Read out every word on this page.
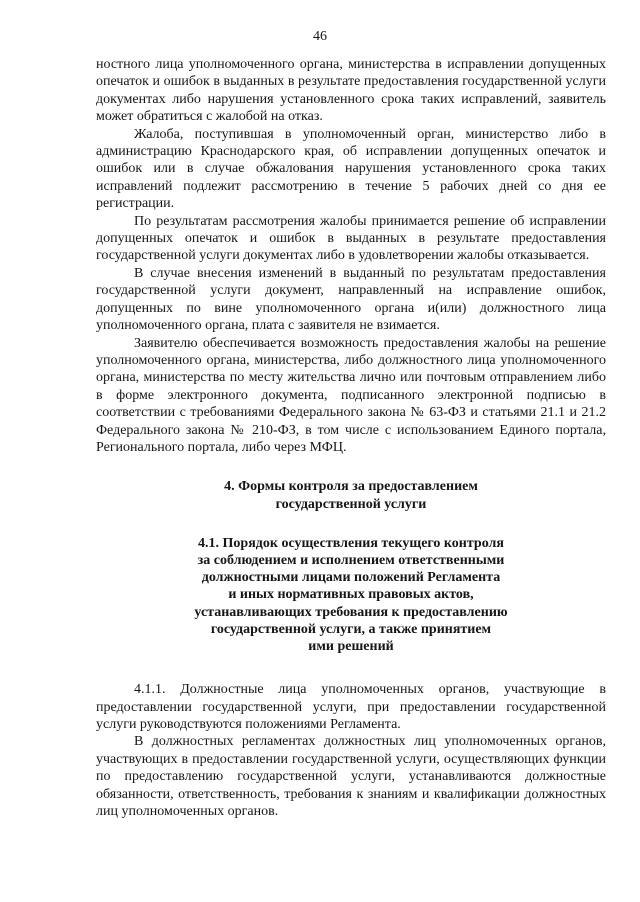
46

ностного лица уполномоченного органа, министерства в исправлении допущенных опечаток и ошибок в выданных в результате предоставления государственной услуги документах либо нарушения установленного срока таких исправлений, заявитель может обратиться с жалобой на отказ.

Жалоба, поступившая в уполномоченный орган, министерство либо в администрацию Краснодарского края, об исправлении допущенных опечаток и ошибок или в случае обжалования нарушения установленного срока таких исправлений подлежит рассмотрению в течение 5 рабочих дней со дня ее регистрации.

По результатам рассмотрения жалобы принимается решение об исправлении допущенных опечаток и ошибок в выданных в результате предоставления государственной услуги документах либо в удовлетворении жалобы отказывается.

В случае внесения изменений в выданный по результатам предоставления государственной услуги документ, направленный на исправление ошибок, допущенных по вине уполномоченного органа и(или) должностного лица уполномоченного органа, плата с заявителя не взимается.

Заявителю обеспечивается возможность предоставления жалобы на решение уполномоченного органа, министерства, либо должностного лица уполномоченного органа, министерства по месту жительства лично или почтовым отправлением либо в форме электронного документа, подписанного электронной подписью в соответствии с требованиями Федерального закона № 63-ФЗ и статьями 21.1 и 21.2 Федерального закона № 210-ФЗ, в том числе с использованием Единого портала, Регионального портала, либо через МФЦ.

4. Формы контроля за предоставлением

государственной услуги

4.1. Порядок осуществления текущего контроля

за соблюдением и исполнением ответственными

должностными лицами положений Регламента

и иных нормативных правовых актов,

устанавливающих требования к предоставлению

государственной услуги, а также принятием

ими решений

4.1.1. Должностные лица уполномоченных органов, участвующие в предоставлении государственной услуги, при предоставлении государственной услуги руководствуются положениями Регламента.

В должностных регламентах должностных лиц уполномоченных органов, участвующих в предоставлении государственной услуги, осуществляющих функции по предоставлению государственной услуги, устанавливаются должностные обязанности, ответственность, требования к знаниям и квалификации должностных лиц уполномоченных органов.
